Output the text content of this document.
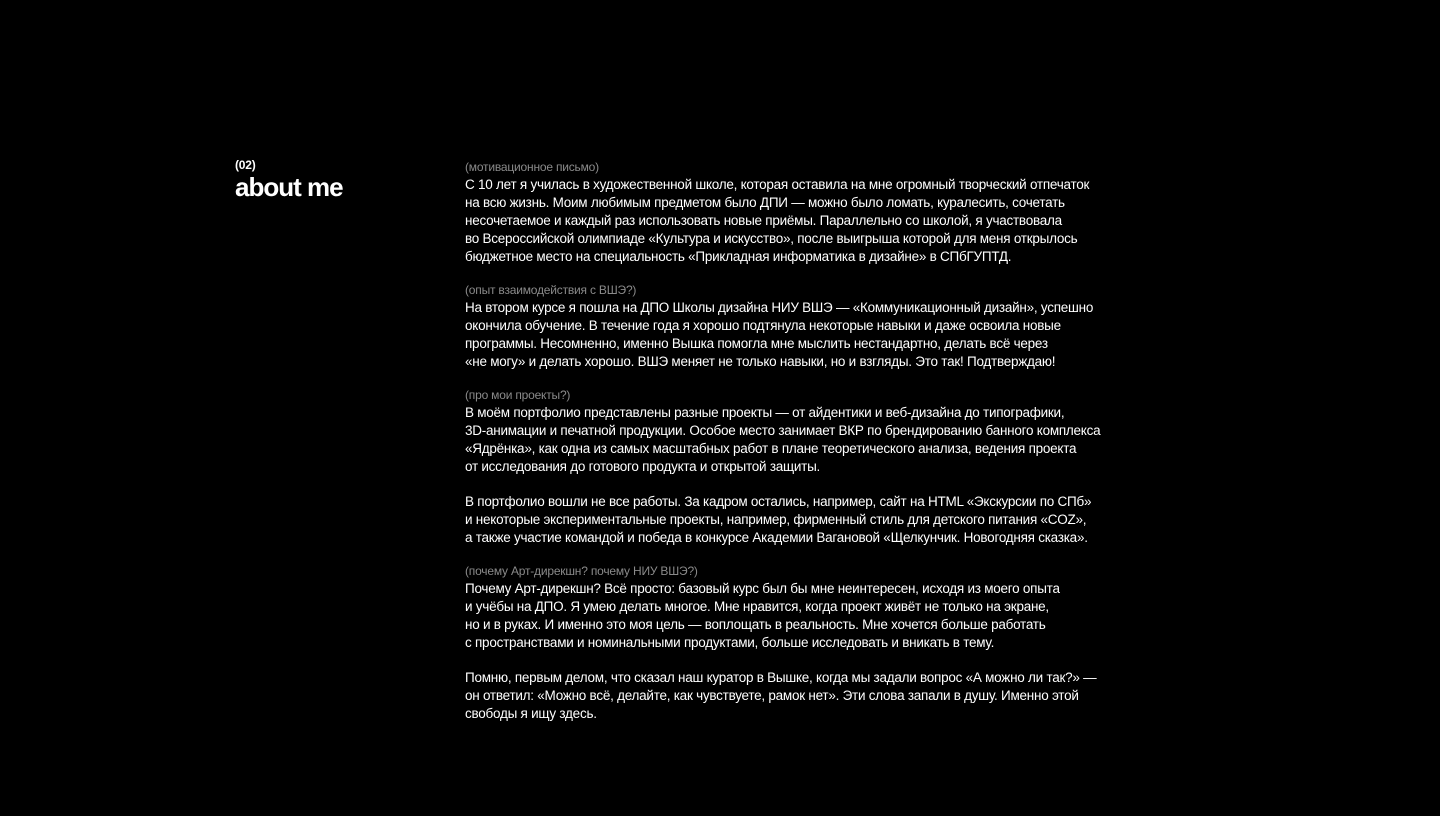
(02)
about me
(мотивационное письмо)
С 10 лет я училась в художественной школе, которая оставила на мне огромный творческий отпечаток
на всю жизнь. Моим любимым предметом было ДПИ — можно было ломать, куралесить, сочетать
несочетаемое и каждый раз использовать новые приёмы. Параллельно со школой, я участвовала
во Всероссийской олимпиаде «Культура и искусство», после выигрыша которой для меня открылось
бюджетное место на специальность «Прикладная информатика в дизайне» в СПбГУПТД.
(опыт взаимодействия с ВШЭ?)
На втором курсе я пошла на ДПО Школы дизайна НИУ ВШЭ — «Коммуникационный дизайн», успешно
окончила обучение. В течение года я хорошо подтянула некоторые навыки и даже освоила новые
программы. Несомненно, именно Вышка помогла мне мыслить нестандартно, делать всё через
«не могу» и делать хорошо. ВШЭ меняет не только навыки, но и взгляды. Это так! Подтверждаю!
(про мои проекты?)
В моём портфолио представлены разные проекты — от айдентики и веб-дизайна до типографики,
3D-анимации и печатной продукции. Особое место занимает ВКР по брендированию банного комплекса
«Ядрёнка», как одна из самых масштабных работ в плане теоретического анализа, ведения проекта
от исследования до готового продукта и открытой защиты.
В портфолио вошли не все работы. За кадром остались, например, сайт на HTML «Экскурсии по СПб»
и некоторые экспериментальные проекты, например, фирменный стиль для детского питания «COZ»,
а также участие командой и победа в конкурсе Академии Вагановой «Щелкунчик. Новогодняя сказка».
(почему Арт-дирекшн? почему НИУ ВШЭ?)
Почему Арт-дирекшн? Всё просто: базовый курс был бы мне неинтересен, исходя из моего опыта
и учёбы на ДПО. Я умею делать многое. Мне нравится, когда проект живёт не только на экране,
но и в руках. И именно это моя цель — воплощать в реальность. Мне хочется больше работать
с пространствами и номинальными продуктами, больше исследовать и вникать в тему.
Помню, первым делом, что сказал наш куратор в Вышке, когда мы задали вопрос «А можно ли так?» —
он ответил: «Можно всё, делайте, как чувствуете, рамок нет». Эти слова запали в душу. Именно этой
свободы я ищу здесь.
